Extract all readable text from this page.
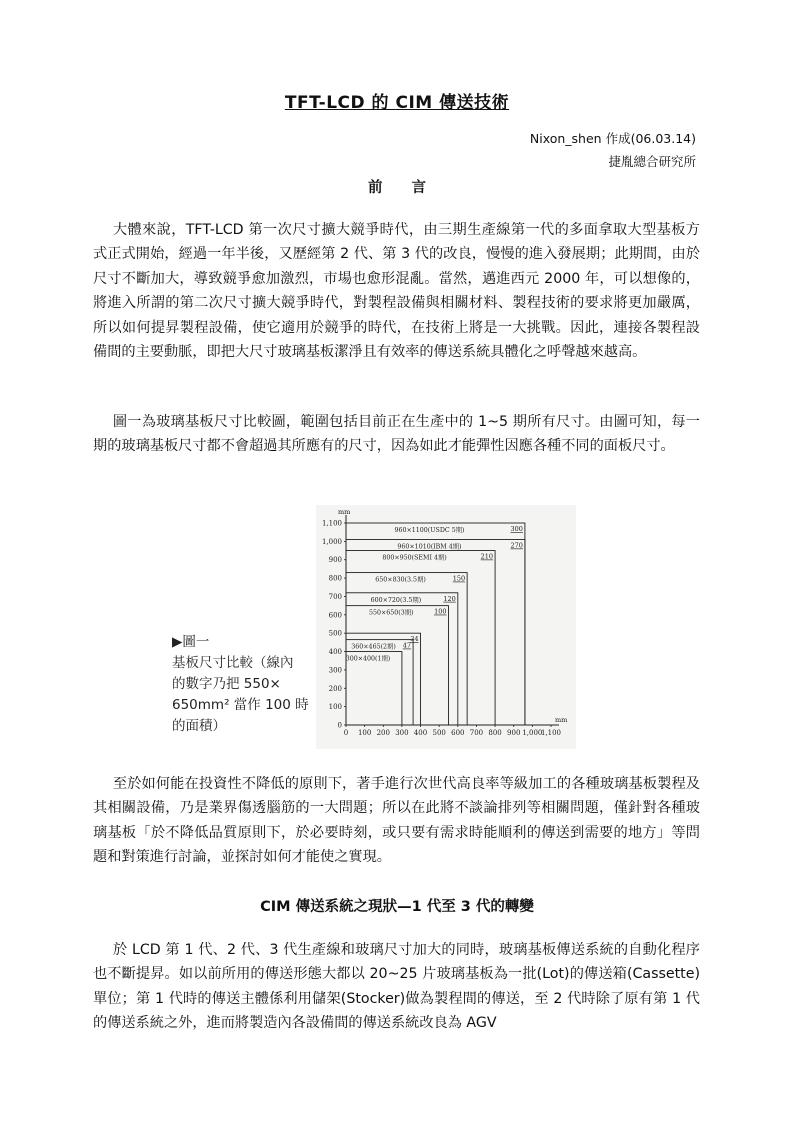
TFT-LCD 的 CIM 傳送技術
Nixon_shen 作成(06.03.14)
捷胤總合研究所
前　　言

大體來說，TFT-LCD 第一次尺寸擴大競爭時代，由三期生產線第一代的多面拿取大型基板方式正式開始，經過一年半後，又歷經第 2 代、第 3 代的改良，慢慢的進入發展期；此期間，由於尺寸不斷加大，導致競爭愈加激烈，市場也愈形混亂。當然，邁進西元 2000 年，可以想像的，將進入所謂的第二次尺寸擴大競爭時代，對製程設備與相關材料、製程技術的要求將更加嚴厲，所以如何提昇製程設備，使它適用於競爭的時代，在技術上將是一大挑戰。因此，連接各製程設備間的主要動脈，即把大尺寸玻璃基板潔淨且有效率的傳送系統具體化之呼聲越來越高。

圖一為玻璃基板尺寸比較圖，範圍包括目前正在生產中的 1~5 期所有尺寸。由圖可知，每一期的玻璃基板尺寸都不會超過其所應有的尺寸，因為如此才能彈性因應各種不同的面板尺寸。

▶圖一
基板尺寸比較（線內
的數字乃把 550×
650mm² 當作 100 時
的面積）
mm
mm
0
100
200
300
400
500
600
700
800
900
1,000
1,100
0 100 200 300 400 500 600 700 800 900 1,000
1,100
300×400(1期)
360×465(2期) 47
34
550×650(3期)	100
600×720(3.5期)	120
650×830(3.5期)	150
800×950(SEMI 4期)	210
960×1010(IBM 4期)	270
960×1100(USDC 5期)	300

至於如何能在投資性不降低的原則下，著手進行次世代高良率等級加工的各種玻璃基板製程及其相關設備，乃是業界傷透腦筋的一大問題；所以在此將不談論排列等相關問題，僅針對各種玻璃基板「於不降低品質原則下，於必要時刻，或只要有需求時能順利的傳送到需要的地方」等問題和對策進行討論，並探討如何才能使之實現。

CIM 傳送系統之現狀—1 代至 3 代的轉變

於 LCD 第 1 代、2 代、3 代生產線和玻璃尺寸加大的同時，玻璃基板傳送系統的自動化程序也不斷提昇。如以前所用的傳送形態大都以 20~25 片玻璃基板為一批(Lot)的傳送箱(Cassette)單位；第 1 代時的傳送主體係利用儲架(Stocker)做為製程間的傳送，至 2 代時除了原有第 1 代的傳送系統之外，進而將製造內各設備間的傳送系統改良為 AGV
